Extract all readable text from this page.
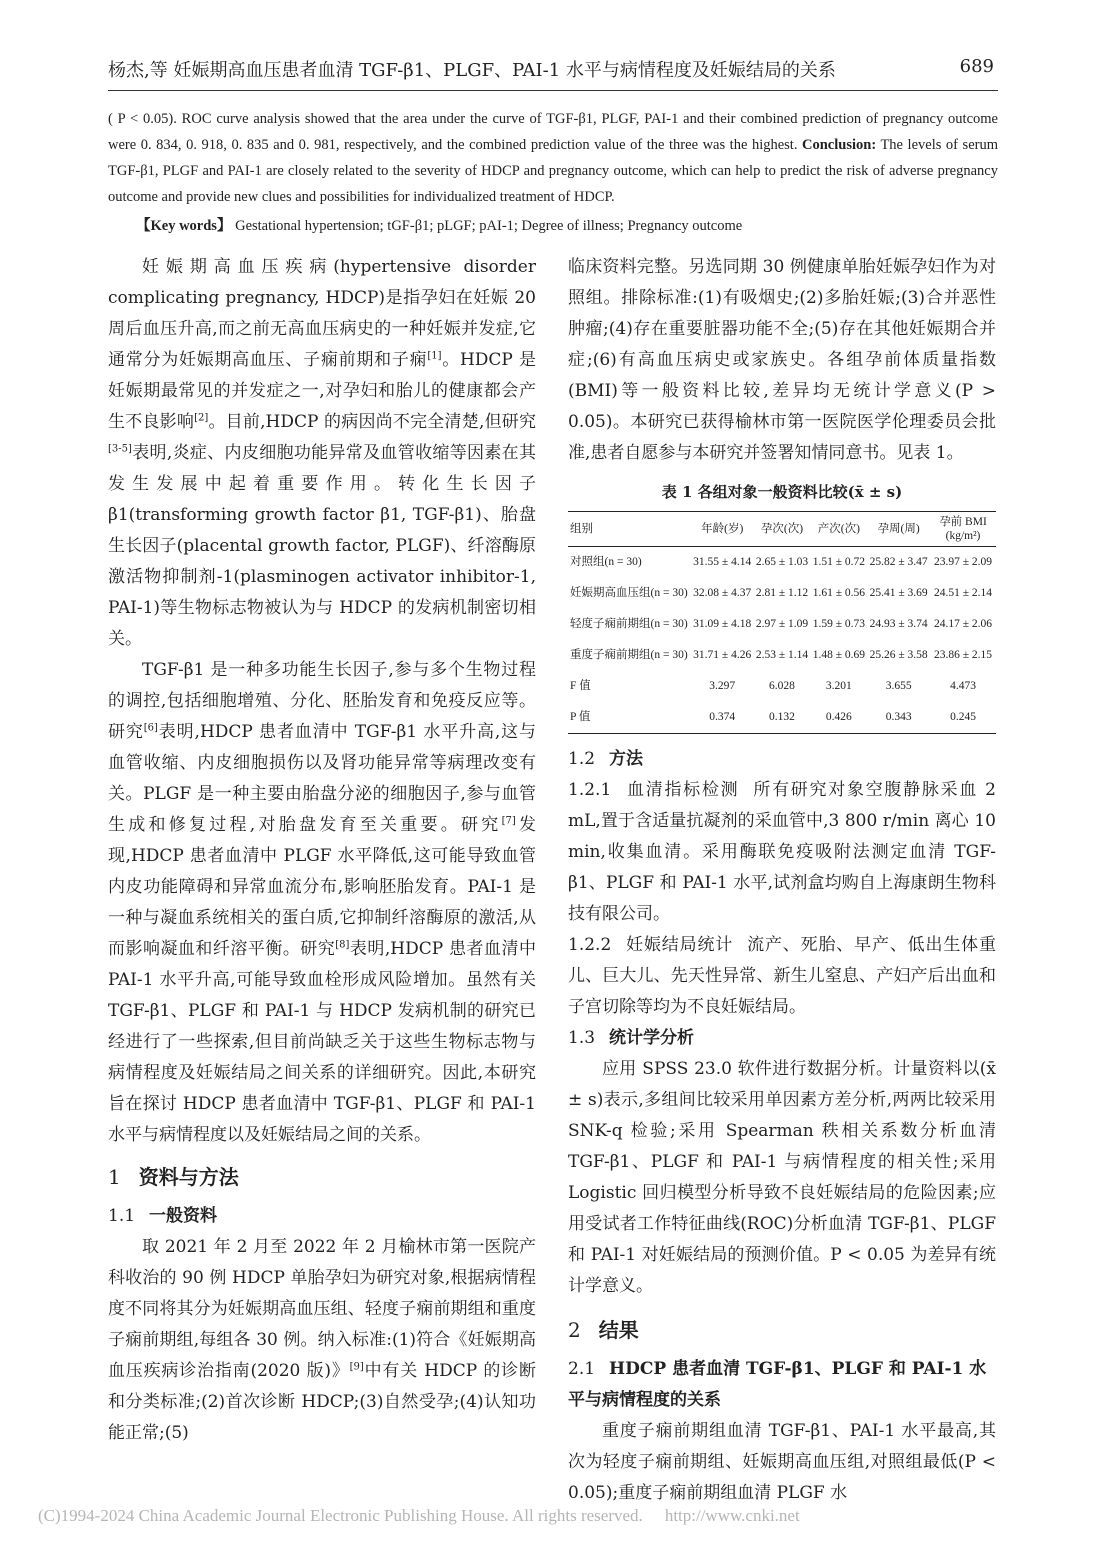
杨杰,等 妊娠期高血压患者血清 TGF-β1、PLGF、PAI-1 水平与病情程度及妊娠结局的关系	689
( P < 0.05). ROC curve analysis showed that the area under the curve of TGF-β1, PLGF, PAI-1 and their combined prediction of pregnancy outcome were 0. 834, 0. 918, 0. 835 and 0. 981, respectively, and the combined prediction value of the three was the highest. Conclusion: The levels of serum TGF-β1, PLGF and PAI-1 are closely related to the severity of HDCP and pregnancy outcome, which can help to predict the risk of adverse pregnancy outcome and provide new clues and possibilities for individualized treatment of HDCP.
【Key words】 Gestational hypertension; tGF-β1; pLGF; pAI-1; Degree of illness; Pregnancy outcome

妊娠期高血压疾病(hypertensive disorder complicating pregnancy, HDCP)是指孕妇在妊娠 20 周后血压升高,而之前无高血压病史的一种妊娠并发症,它通常分为妊娠期高血压、子痫前期和子痫[1]。HDCP 是妊娠期最常见的并发症之一,对孕妇和胎儿的健康都会产生不良影响[2]。目前,HDCP 的病因尚不完全清楚,但研究[3-5]表明,炎症、内皮细胞功能异常及血管收缩等因素在其发生发展中起着重要作用。转化生长因子 β1(transforming growth factor β1, TGF-β1)、胎盘生长因子(placental growth factor, PLGF)、纤溶酶原激活物抑制剂-1(plasminogen activator inhibitor-1, PAI-1)等生物标志物被认为与 HDCP 的发病机制密切相关。

TGF-β1 是一种多功能生长因子,参与多个生物过程的调控,包括细胞增殖、分化、胚胎发育和免疫反应等。研究[6]表明,HDCP 患者血清中 TGF-β1 水平升高,这与血管收缩、内皮细胞损伤以及肾功能异常等病理改变有关。PLGF 是一种主要由胎盘分泌的细胞因子,参与血管生成和修复过程,对胎盘发育至关重要。研究[7]发现,HDCP 患者血清中 PLGF 水平降低,这可能导致血管内皮功能障碍和异常血流分布,影响胚胎发育。PAI-1 是一种与凝血系统相关的蛋白质,它抑制纤溶酶原的激活,从而影响凝血和纤溶平衡。研究[8]表明,HDCP 患者血清中 PAI-1 水平升高,可能导致血栓形成风险增加。虽然有关 TGF-β1、PLGF 和 PAI-1 与 HDCP 发病机制的研究已经进行了一些探索,但目前尚缺乏关于这些生物标志物与病情程度及妊娠结局之间关系的详细研究。因此,本研究旨在探讨 HDCP 患者血清中 TGF-β1、PLGF 和 PAI-1 水平与病情程度以及妊娠结局之间的关系。

1 资料与方法
1.1 一般资料

取 2021 年 2 月至 2022 年 2 月榆林市第一医院产科收治的 90 例 HDCP 单胎孕妇为研究对象,根据病情程度不同将其分为妊娠期高血压组、轻度子痫前期组和重度子痫前期组,每组各 30 例。纳入标准:(1)符合《妊娠期高血压疾病诊治指南(2020 版)》[9]中有关 HDCP 的诊断和分类标准;(2)首次诊断 HDCP;(3)自然受孕;(4)认知功能正常;(5)

临床资料完整。另选同期 30 例健康单胎妊娠孕妇作为对照组。排除标准:(1)有吸烟史;(2)多胎妊娠;(3)合并恶性肿瘤;(4)存在重要脏器功能不全;(5)存在其他妊娠期合并症;(6)有高血压病史或家族史。各组孕前体质量指数(BMI)等一般资料比较,差异均无统计学意义(P > 0.05)。本研究已获得榆林市第一医院医学伦理委员会批准,患者自愿参与本研究并签署知情同意书。见表 1。

表 1 各组对象一般资料比较(x̄ ± s)
组别	年龄(岁)	孕次(次)	产次(次)	孕周(周)	孕前 BMI (kg/m²)
对照组(n = 30)	31.55 ± 4.14	2.65 ± 1.03	1.51 ± 0.72	25.82 ± 3.47	23.97 ± 2.09
妊娠期高血压组(n = 30)	32.08 ± 4.37	2.81 ± 1.12	1.61 ± 0.56	25.41 ± 3.69	24.51 ± 2.14
轻度子痫前期组(n = 30)	31.09 ± 4.18	2.97 ± 1.09	1.59 ± 0.73	24.93 ± 3.74	24.17 ± 2.06
重度子痫前期组(n = 30)	31.71 ± 4.26	2.53 ± 1.14	1.48 ± 0.69	25.26 ± 3.58	23.86 ± 2.15
F 值	3.297	6.028	3.201	3.655	4.473
P 值	0.374	0.132	0.426	0.343	0.245
1.2 方法

1.2.1 血清指标检测 所有研究对象空腹静脉采血 2 mL,置于含适量抗凝剂的采血管中,3 800 r/min 离心 10 min,收集血清。采用酶联免疫吸附法测定血清 TGF-β1、PLGF 和 PAI-1 水平,试剂盒均购自上海康朗生物科技有限公司。

1.2.2 妊娠结局统计 流产、死胎、早产、低出生体重儿、巨大儿、先天性异常、新生儿窒息、产妇产后出血和子宫切除等均为不良妊娠结局。

1.3 统计学分析

应用 SPSS 23.0 软件进行数据分析。计量资料以(x̄ ± s)表示,多组间比较采用单因素方差分析,两两比较采用 SNK-q 检验;采用 Spearman 秩相关系数分析血清 TGF-β1、PLGF 和 PAI-1 与病情程度的相关性;采用 Logistic 回归模型分析导致不良妊娠结局的危险因素;应用受试者工作特征曲线(ROC)分析血清 TGF-β1、PLGF 和 PAI-1 对妊娠结局的预测价值。P < 0.05 为差异有统计学意义。

2 结果
2.1 HDCP 患者血清 TGF-β1、PLGF 和 PAI-1 水平与病情程度的关系

重度子痫前期组血清 TGF-β1、PAI-1 水平最高,其次为轻度子痫前期组、妊娠期高血压组,对照组最低(P < 0.05);重度子痫前期组血清 PLGF 水

(C)1994-2024 China Academic Journal Electronic Publishing House. All rights reserved. http://www.cnki.net
